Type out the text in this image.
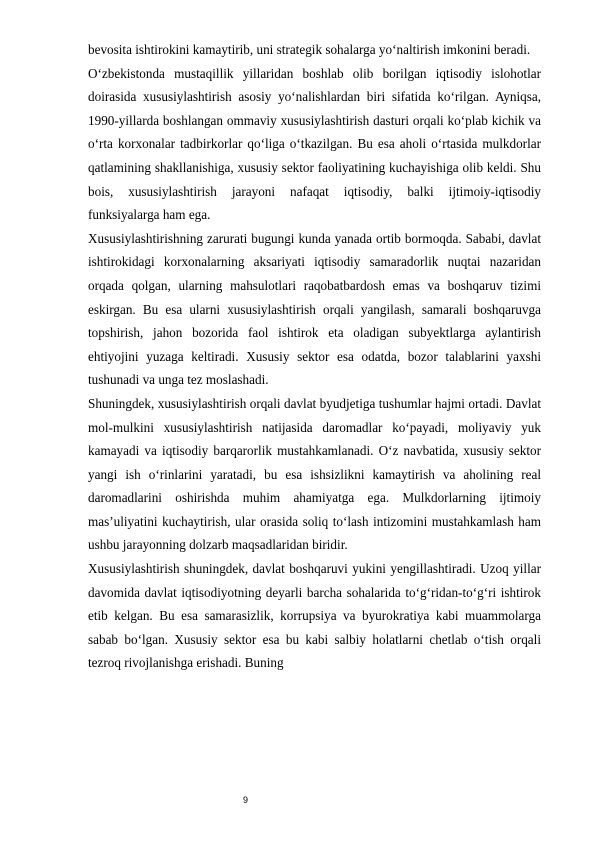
bevosita ishtirokini kamaytirib, uni strategik sohalarga yo‘naltirish imkonini beradi.

O‘zbekistonda mustaqillik yillaridan boshlab olib borilgan iqtisodiy islohotlar doirasida xususiylashtirish asosiy yo‘nalishlardan biri sifatida ko‘rilgan. Ayniqsa, 1990-yillarda boshlangan ommaviy xususiylashtirish dasturi orqali ko‘plab kichik va o‘rta korxonalar tadbirkorlar qo‘liga o‘tkazilgan. Bu esa aholi o‘rtasida mulkdorlar qatlamining shakllanishiga, xususiy sektor faoliyatining kuchayishiga olib keldi. Shu bois, xususiylashtirish jarayoni nafaqat iqtisodiy, balki ijtimoiy-iqtisodiy funksiyalarga ham ega.

Xususiylashtirishning zarurati bugungi kunda yanada ortib bormoqda. Sababi, davlat ishtirokidagi korxonalarning aksariyati iqtisodiy samaradorlik nuqtai nazaridan orqada qolgan, ularning mahsulotlari raqobatbardosh emas va boshqaruv tizimi eskirgan. Bu esa ularni xususiylashtirish orqali yangilash, samarali boshqaruvga topshirish, jahon bozorida faol ishtirok eta oladigan subyektlarga aylantirish ehtiyojini yuzaga keltiradi. Xususiy sektor esa odatda, bozor talablarini yaxshi tushunadi va unga tez moslashadi.

Shuningdek, xususiylashtirish orqali davlat byudjetiga tushumlar hajmi ortadi. Davlat mol-mulkini xususiylashtirish natijasida daromadlar ko‘payadi, moliyaviy yuk kamayadi va iqtisodiy barqarorlik mustahkamlanadi. O‘z navbatida, xususiy sektor yangi ish o‘rinlarini yaratadi, bu esa ishsizlikni kamaytirish va aholining real daromadlarini oshirishda muhim ahamiyatga ega. Mulkdorlarning ijtimoiy mas’uliyatini kuchaytirish, ular orasida soliq to‘lash intizomini mustahkamlash ham ushbu jarayonning dolzarb maqsadlaridan biridir.

Xususiylashtirish shuningdek, davlat boshqaruvi yukini yengillashtiradi. Uzoq yillar davomida davlat iqtisodiyotning deyarli barcha sohalarida to‘g‘ridan-to‘g‘ri ishtirok etib kelgan. Bu esa samarasizlik, korrupsiya va byurokratiya kabi muammolarga sabab bo‘lgan. Xususiy sektor esa bu kabi salbiy holatlarni chetlab o‘tish orqali tezroq rivojlanishga erishadi. Buning

9
